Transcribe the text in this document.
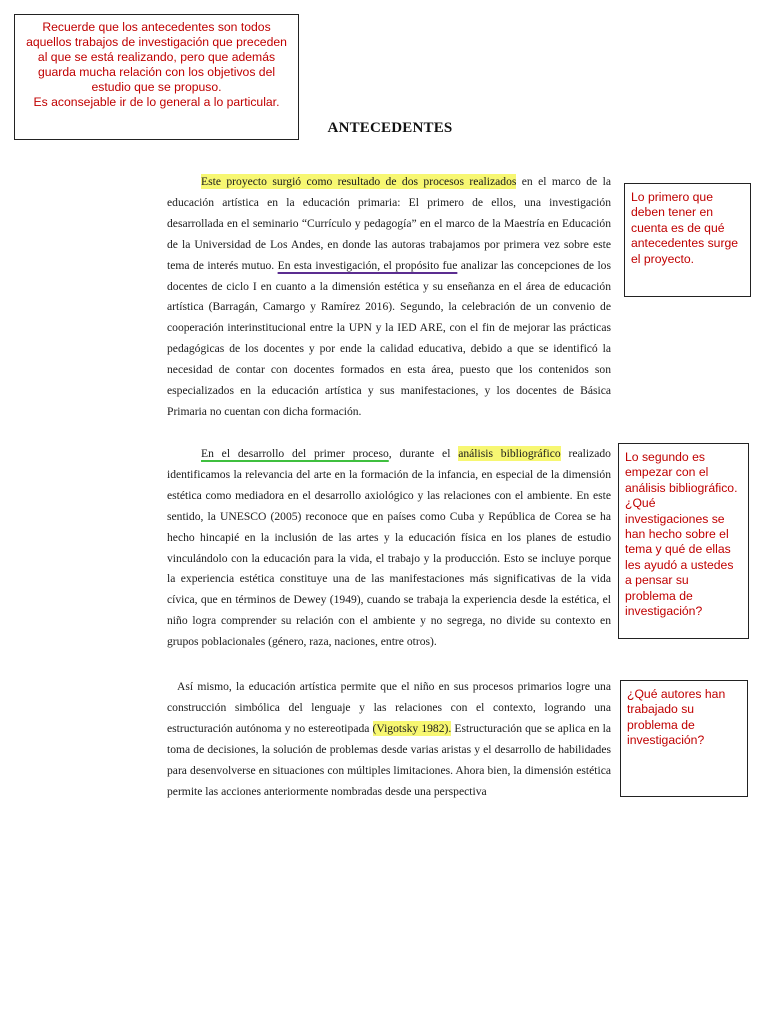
Recuerde que los antecedentes son todos aquellos trabajos de investigación que preceden al que se está realizando, pero que además guarda mucha relación con los objetivos del estudio que se propuso.

Es aconsejable ir de lo general a lo particular.

ANTECEDENTES

Este proyecto surgió como resultado de dos procesos realizados en el marco de la educación artística en la educación primaria: El primero de ellos, una investigación desarrollada en el seminario “Currículo y pedagogía” en el marco de la Maestría en Educación de la Universidad de Los Andes, en donde las autoras trabajamos por primera vez sobre este tema de interés mutuo. En esta investigación, el propósito fue analizar las concepciones de los docentes de ciclo I en cuanto a la dimensión estética y su enseñanza en el área de educación artística (Barragán, Camargo y Ramírez 2016). Segundo, la celebración de un convenio de cooperación interinstitucional entre la UPN y la IED ARE, con el fin de mejorar las prácticas pedagógicas de los docentes y por ende la calidad educativa, debido a que se identificó la necesidad de contar con docentes formados en esta área, puesto que los contenidos son especializados en la educación artística y sus manifestaciones, y los docentes de Básica Primaria no cuentan con dicha formación.

En el desarrollo del primer proceso, durante el análisis bibliográfico realizado identificamos la relevancia del arte en la formación de la infancia, en especial de la dimensión estética como mediadora en el desarrollo axiológico y las relaciones con el ambiente. En este sentido, la UNESCO (2005) reconoce que en países como Cuba y República de Corea se ha hecho hincapié en la inclusión de las artes y la educación física en los planes de estudio vinculándolo con la educación para la vida, el trabajo y la producción. Esto se incluye porque la experiencia estética constituye una de las manifestaciones más significativas de la vida cívica, que en términos de Dewey (1949), cuando se trabaja la experiencia desde la estética, el niño logra comprender su relación con el ambiente y no segrega, no divide su contexto en grupos poblacionales (género, raza, naciones, entre otros).

Así mismo, la educación artística permite que el niño en sus procesos primarios logre una construcción simbólica del lenguaje y las relaciones con el contexto, logrando una estructuración autónoma y no estereotipada (Vigotsky 1982). Estructuración que se aplica en la toma de decisiones, la solución de problemas desde varias aristas y el desarrollo de habilidades para desenvolverse en situaciones con múltiples limitaciones. Ahora bien, la dimensión estética permite las acciones anteriormente nombradas desde una perspectiva

Lo primero que deben tener en cuenta es de qué antecedentes surge el proyecto.

Lo segundo es empezar con el análisis bibliográfico. ¿Qué investigaciones se han hecho sobre el tema y qué de ellas les ayudó a ustedes a pensar su problema de investigación?

¿Qué autores han trabajado su problema de investigación?
